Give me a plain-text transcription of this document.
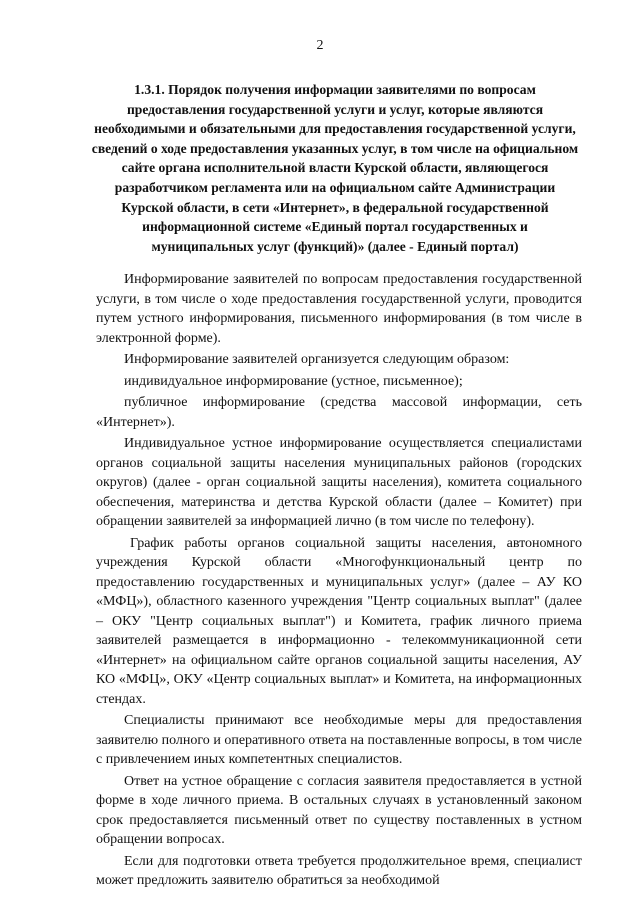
2
1.3.1. Порядок получения информации заявителями по вопросам предоставления государственной услуги и услуг, которые являются необходимыми и обязательными для предоставления государственной услуги, сведений о ходе предоставления указанных услуг, в том числе на официальном сайте органа исполнительной власти Курской области, являющегося разработчиком регламента или на официальном сайте Администрации Курской области, в сети «Интернет», в федеральной государственной информационной системе «Единый портал государственных и муниципальных услуг (функций)» (далее - Единый портал)

Информирование заявителей по вопросам предоставления государственной услуги, в том числе о ходе предоставления государственной услуги, проводится путем устного информирования, письменного информирования (в том числе в электронной форме).

Информирование заявителей организуется следующим образом:

индивидуальное информирование (устное, письменное);

публичное информирование (средства массовой информации, сеть «Интернет»).

Индивидуальное устное информирование осуществляется специалистами органов социальной защиты населения муниципальных районов (городских округов) (далее - орган социальной защиты населения), комитета социального обеспечения, материнства и детства Курской области (далее – Комитет) при обращении заявителей за информацией лично (в том числе по телефону).

График работы органов социальной защиты населения, автономного учреждения Курской области «Многофункциональный центр по предоставлению государственных и муниципальных услуг» (далее – АУ КО «МФЦ»), областного казенного учреждения "Центр социальных выплат" (далее – ОКУ "Центр социальных выплат") и Комитета, график личного приема заявителей размещается в информационно - телекоммуникационной сети «Интернет» на официальном сайте органов социальной защиты населения, АУ КО «МФЦ», ОКУ «Центр социальных выплат» и Комитета, на информационных стендах.

Специалисты принимают все необходимые меры для предоставления заявителю полного и оперативного ответа на поставленные вопросы, в том числе с привлечением иных компетентных специалистов.

Ответ на устное обращение с согласия заявителя предоставляется в устной форме в ходе личного приема. В остальных случаях в установленный законом срок предоставляется письменный ответ по существу поставленных в устном обращении вопросах.

Если для подготовки ответа требуется продолжительное время, специалист может предложить заявителю обратиться за необходимой
